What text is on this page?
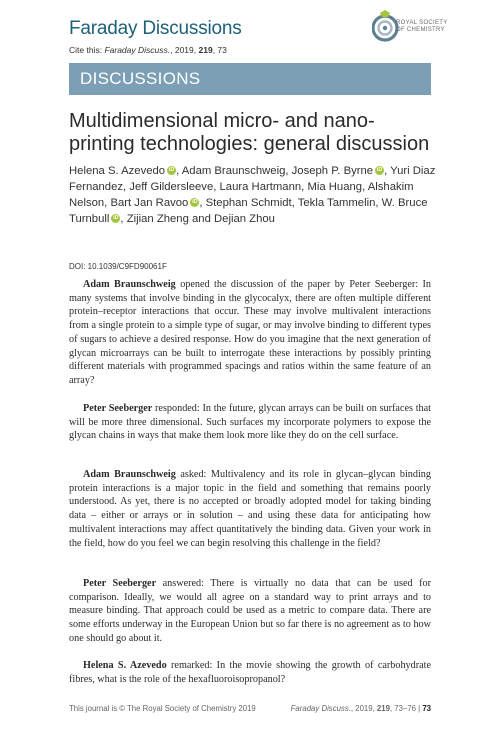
Faraday Discussions
Cite this: Faraday Discuss., 2019, 219, 73
ROYAL SOCIETY
OF CHEMISTRY
DISCUSSIONS
Multidimensional micro- and nano-printing technologies: general discussion
Helena S. Azevedo iD , Adam Braunschweig, Joseph P. Byrne iD , Yuri Diaz Fernandez, Jeff Gildersleeve, Laura Hartmann, Mia Huang, Alshakim Nelson, Bart Jan Ravoo iD , Stephan Schmidt, Tekla Tammelin, W. Bruce Turnbull iD , Zijian Zheng and Dejian Zhou
DOI: 10.1039/C9FD90061F
Adam Braunschweig opened the discussion of the paper by Peter Seeberger: In many systems that involve binding in the glycocalyx, there are often multiple different protein–receptor interactions that occur. These may involve multivalent interactions from a single protein to a simple type of sugar, or may involve binding to different types of sugars to achieve a desired response. How do you imagine that the next generation of glycan microarrays can be built to interrogate these interactions by possibly printing different materials with programmed spacings and ratios within the same feature of an array?
Peter Seeberger responded: In the future, glycan arrays can be built on surfaces that will be more three dimensional. Such surfaces my incorporate polymers to expose the glycan chains in ways that make them look more like they do on the cell surface.
Adam Braunschweig asked: Multivalency and its role in glycan–glycan binding protein interactions is a major topic in the field and something that remains poorly understood. As yet, there is no accepted or broadly adopted model for taking binding data – either or arrays or in solution – and using these data for anticipating how multivalent interactions may affect quantitatively the binding data. Given your work in the field, how do you feel we can begin resolving this challenge in the field?
Peter Seeberger answered: There is virtually no data that can be used for comparison. Ideally, we would all agree on a standard way to print arrays and to measure binding. That approach could be used as a metric to compare data. There are some efforts underway in the European Union but so far there is no agreement as to how one should go about it.
Helena S. Azevedo remarked: In the movie showing the growth of carbohydrate fibres, what is the role of the hexafluoroisopropanol?
This journal is © The Royal Society of Chemistry 2019	Faraday Discuss., 2019, 219, 73–76 | 73
